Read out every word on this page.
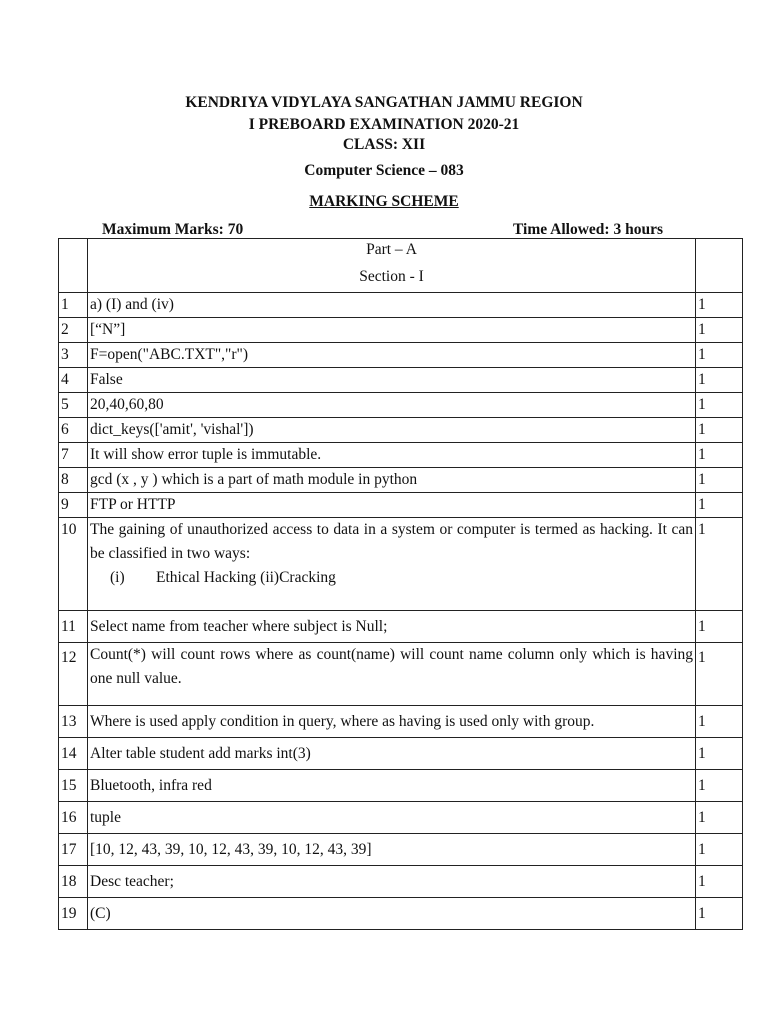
KENDRIYA VIDYLAYA SANGATHAN JAMMU REGION
I PREBOARD EXAMINATION 2020-21
CLASS: XII
Computer Science – 083
MARKING SCHEME
Maximum Marks: 70	Time Allowed: 3 hours

	Part – A
Section - I	

1	a) (I) and (iv)	1
2	[“N”]	1
3	F=open("ABC.TXT","r")	1
4	False	1
5	20,40,60,80	1
6	dict_keys(['amit', 'vishal'])	1
7	It will show error tuple is immutable.	1
8	gcd (x , y ) which is a part of math module in python	1
9	FTP or HTTP	1
10	The gaining of unauthorized access to data in a system or computer is termed as hacking. It can be classified in two ways:
(i) Ethical Hacking (ii)Cracking	1
11	Select name from teacher where subject is Null;	1
12	Count(*) will count rows where as count(name) will count name column only which is having one null value.	1
13	Where is used apply condition in query, where as having is used only with group.	1
14	Alter table student add marks int(3)	1
15	Bluetooth, infra red	1
16	tuple	1
17	[10, 12, 43, 39, 10, 12, 43, 39, 10, 12, 43, 39]	1
18	Desc teacher;	1
19	(C)	1
